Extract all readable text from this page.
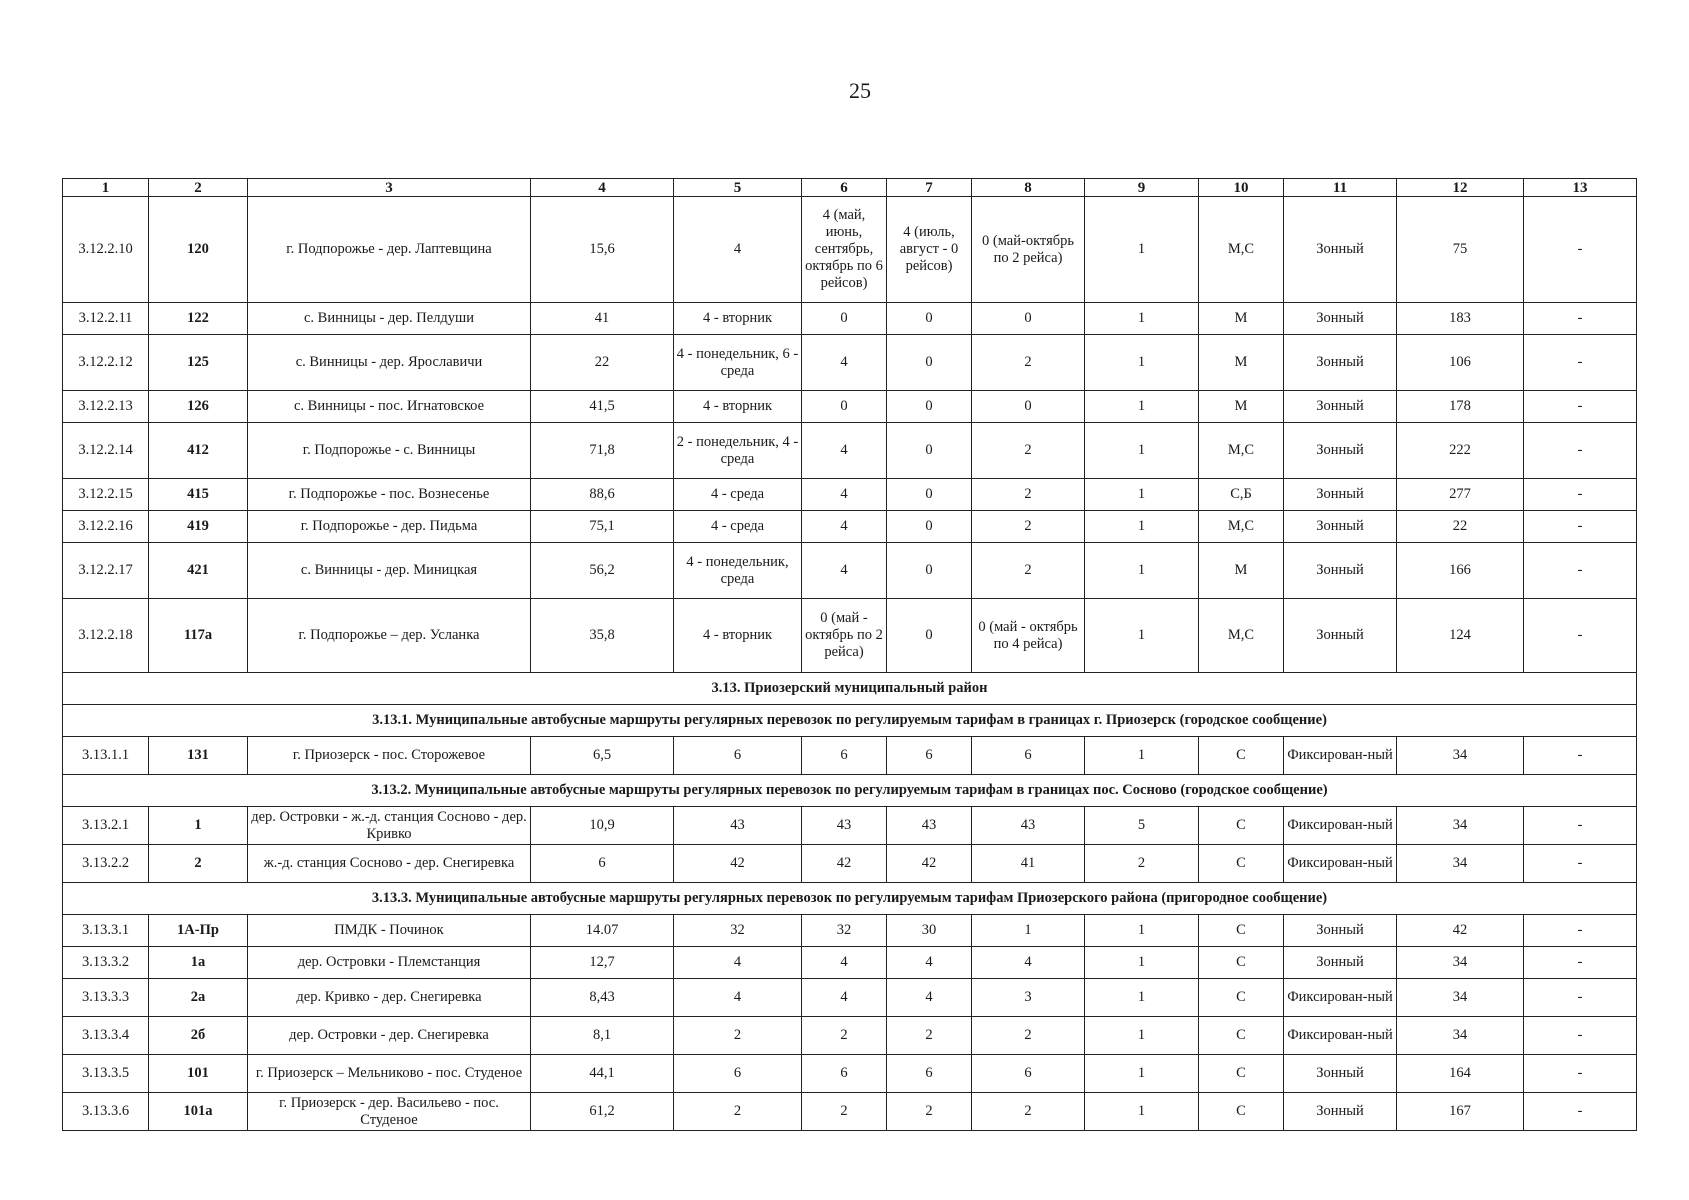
25
1	2	3	4	5	6	7	8	9	10	11	12	13
3.12.2.10	120	г. Подпорожье - дер. Лаптевщина	15,6	4	4 (май, июнь, сентябрь, октябрь по 6 рейсов)	4 (июль, август - 0 рейсов)	0 (май-октябрь по 2 рейса)	1	М,С	Зонный	75	-
3.12.2.11	122	с. Винницы - дер. Пелдуши	41	4 - вторник	0	0	0	1	М	Зонный	183	-
3.12.2.12	125	с. Винницы - дер. Ярославичи	22	4 - понедельник, 6 - среда	4	0	2	1	М	Зонный	106	-
3.12.2.13	126	с. Винницы - пос. Игнатовское	41,5	4 - вторник	0	0	0	1	М	Зонный	178	-
3.12.2.14	412	г. Подпорожье - с. Винницы	71,8	2 - понедельник, 4 - среда	4	0	2	1	М,С	Зонный	222	-
3.12.2.15	415	г. Подпорожье - пос. Вознесенье	88,6	4 - среда	4	0	2	1	С,Б	Зонный	277	-
3.12.2.16	419	г. Подпорожье - дер. Пидьма	75,1	4 - среда	4	0	2	1	М,С	Зонный	22	-
3.12.2.17	421	с. Винницы - дер. Миницкая	56,2	4 - понедельник, среда	4	0	2	1	М	Зонный	166	-
3.12.2.18	117а	г. Подпорожье – дер. Усланка	35,8	4 - вторник	0 (май - октябрь по 2 рейса)	0	0 (май - октябрь по 4 рейса)	1	М,С	Зонный	124	-
3.13. Приозерский муниципальный район												
3.13.1. Муниципальные автобусные маршруты регулярных перевозок по регулируемым тарифам в границах г. Приозерск (городское сообщение)												
3.13.1.1	131	г. Приозерск - пос. Сторожевое	6,5	6	6	6	6	1	С	Фиксирован-ный	34	-
3.13.2. Муниципальные автобусные маршруты регулярных перевозок по регулируемым тарифам в границах пос. Сосново (городское сообщение)												
3.13.2.1	1	дер. Островки - ж.-д. станция Сосново - дер. Кривко	10,9	43	43	43	43	5	С	Фиксирован-ный	34	-
3.13.2.2	2	ж.-д. станция Сосново - дер. Снегиревка	6	42	42	42	41	2	С	Фиксирован-ный	34	-
3.13.3. Муниципальные автобусные маршруты регулярных перевозок по регулируемым тарифам Приозерского района (пригородное сообщение)												
3.13.3.1	1А-Пр	ПМДК - Починок	14.07	32	32	30	1	1	С	Зонный	42	-
3.13.3.2	1а	дер. Островки - Племстанция	12,7	4	4	4	4	1	С	Зонный	34	-
3.13.3.3	2а	дер. Кривко - дер. Снегиревка	8,43	4	4	4	3	1	С	Фиксирован-ный	34	-
3.13.3.4	2б	дер. Островки - дер. Снегиревка	8,1	2	2	2	2	1	С	Фиксирован-ный	34	-
3.13.3.5	101	г. Приозерск – Мельниково - пос. Студеное	44,1	6	6	6	6	1	С	Зонный	164	-
3.13.3.6	101а	г. Приозерск - дер. Васильево - пос. Студеное	61,2	2	2	2	2	1	С	Зонный	167	-
